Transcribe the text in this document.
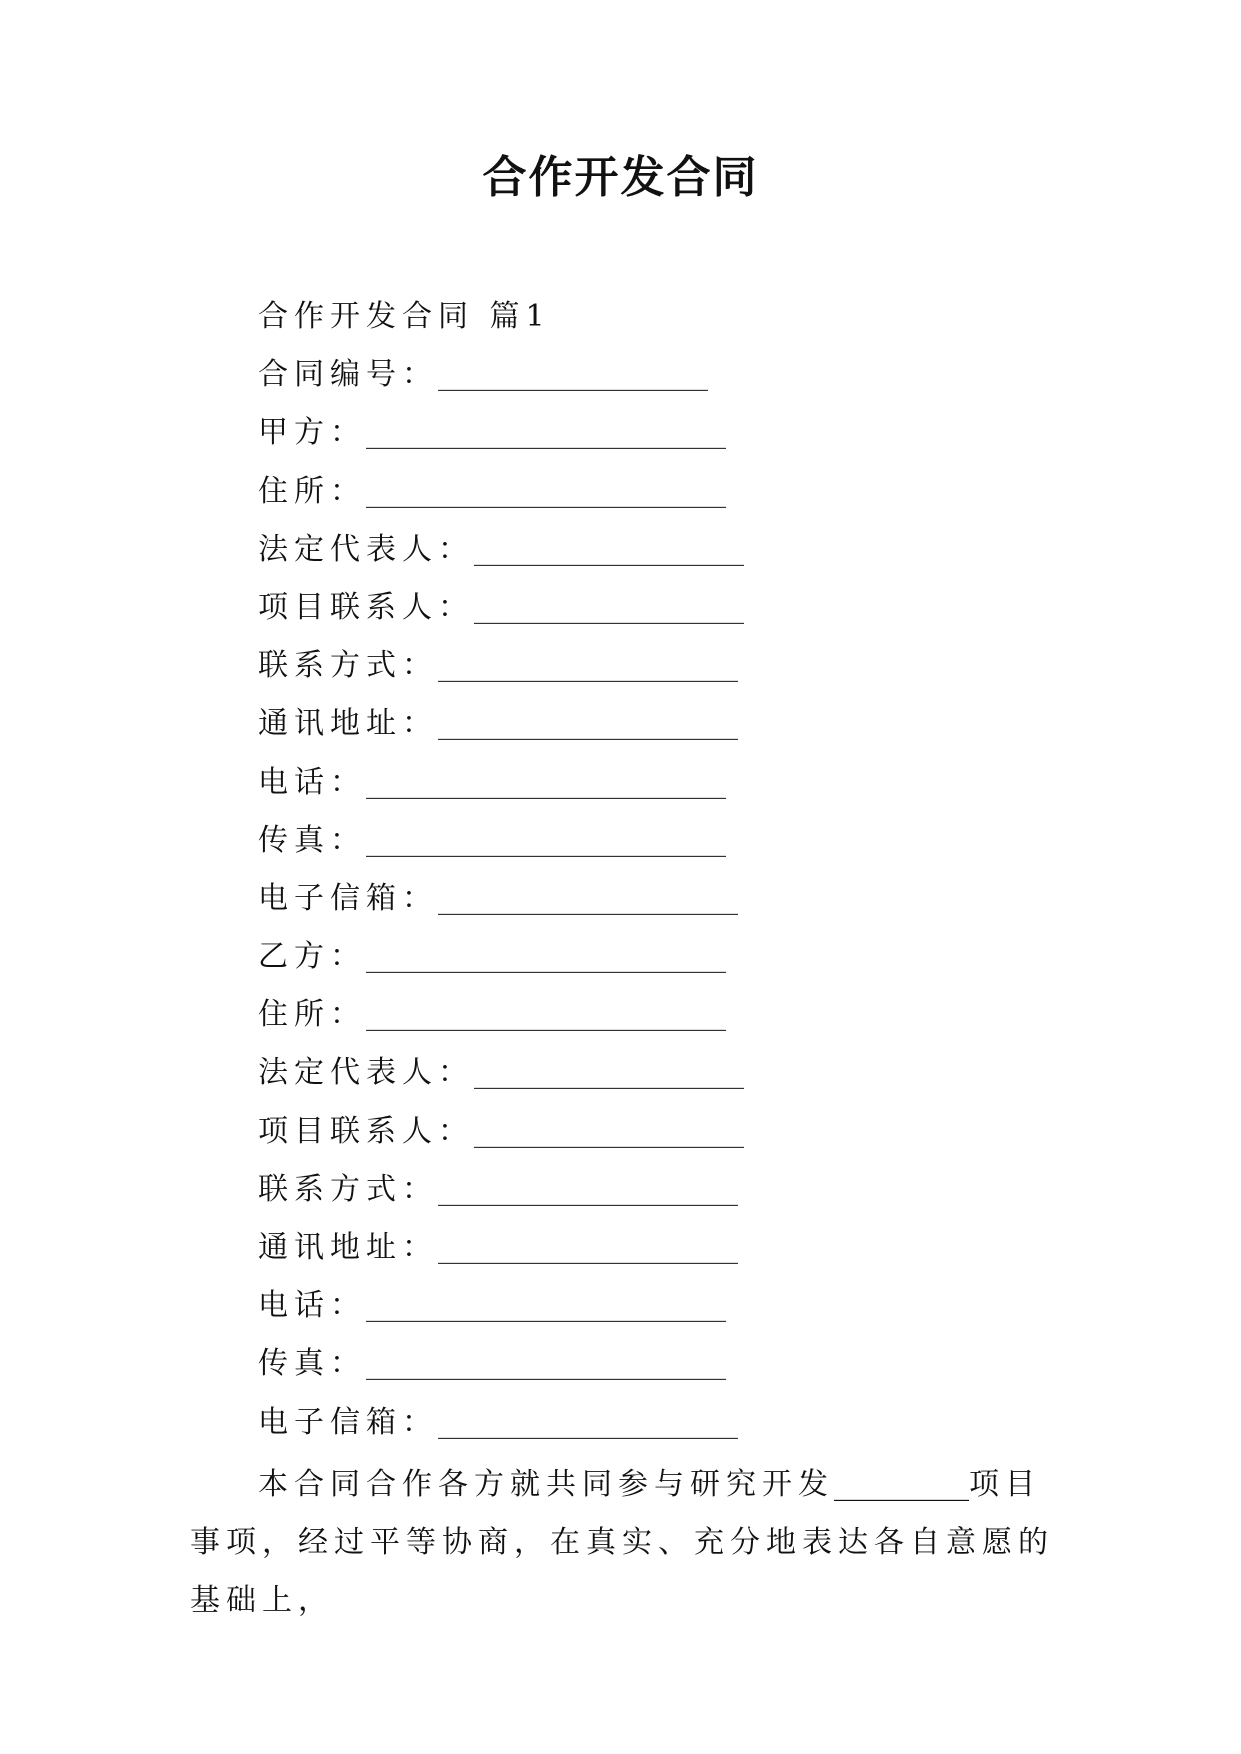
合作开发合同
合作开发合同 篇1
合同编号：__________________
甲方：________________________
住所：________________________
法定代表人：__________________
项目联系人：__________________
联系方式：____________________
通讯地址：____________________
电话：________________________
传真：________________________
电子信箱：____________________
乙方：________________________
住所：________________________
法定代表人：__________________
项目联系人：__________________
联系方式：____________________
通讯地址：____________________
电话：________________________
传真：________________________
电子信箱：____________________
本合同合作各方就共同参与研究开发_________项目事项，经过平等协商，在真实、充分地表达各自意愿的基础上，
